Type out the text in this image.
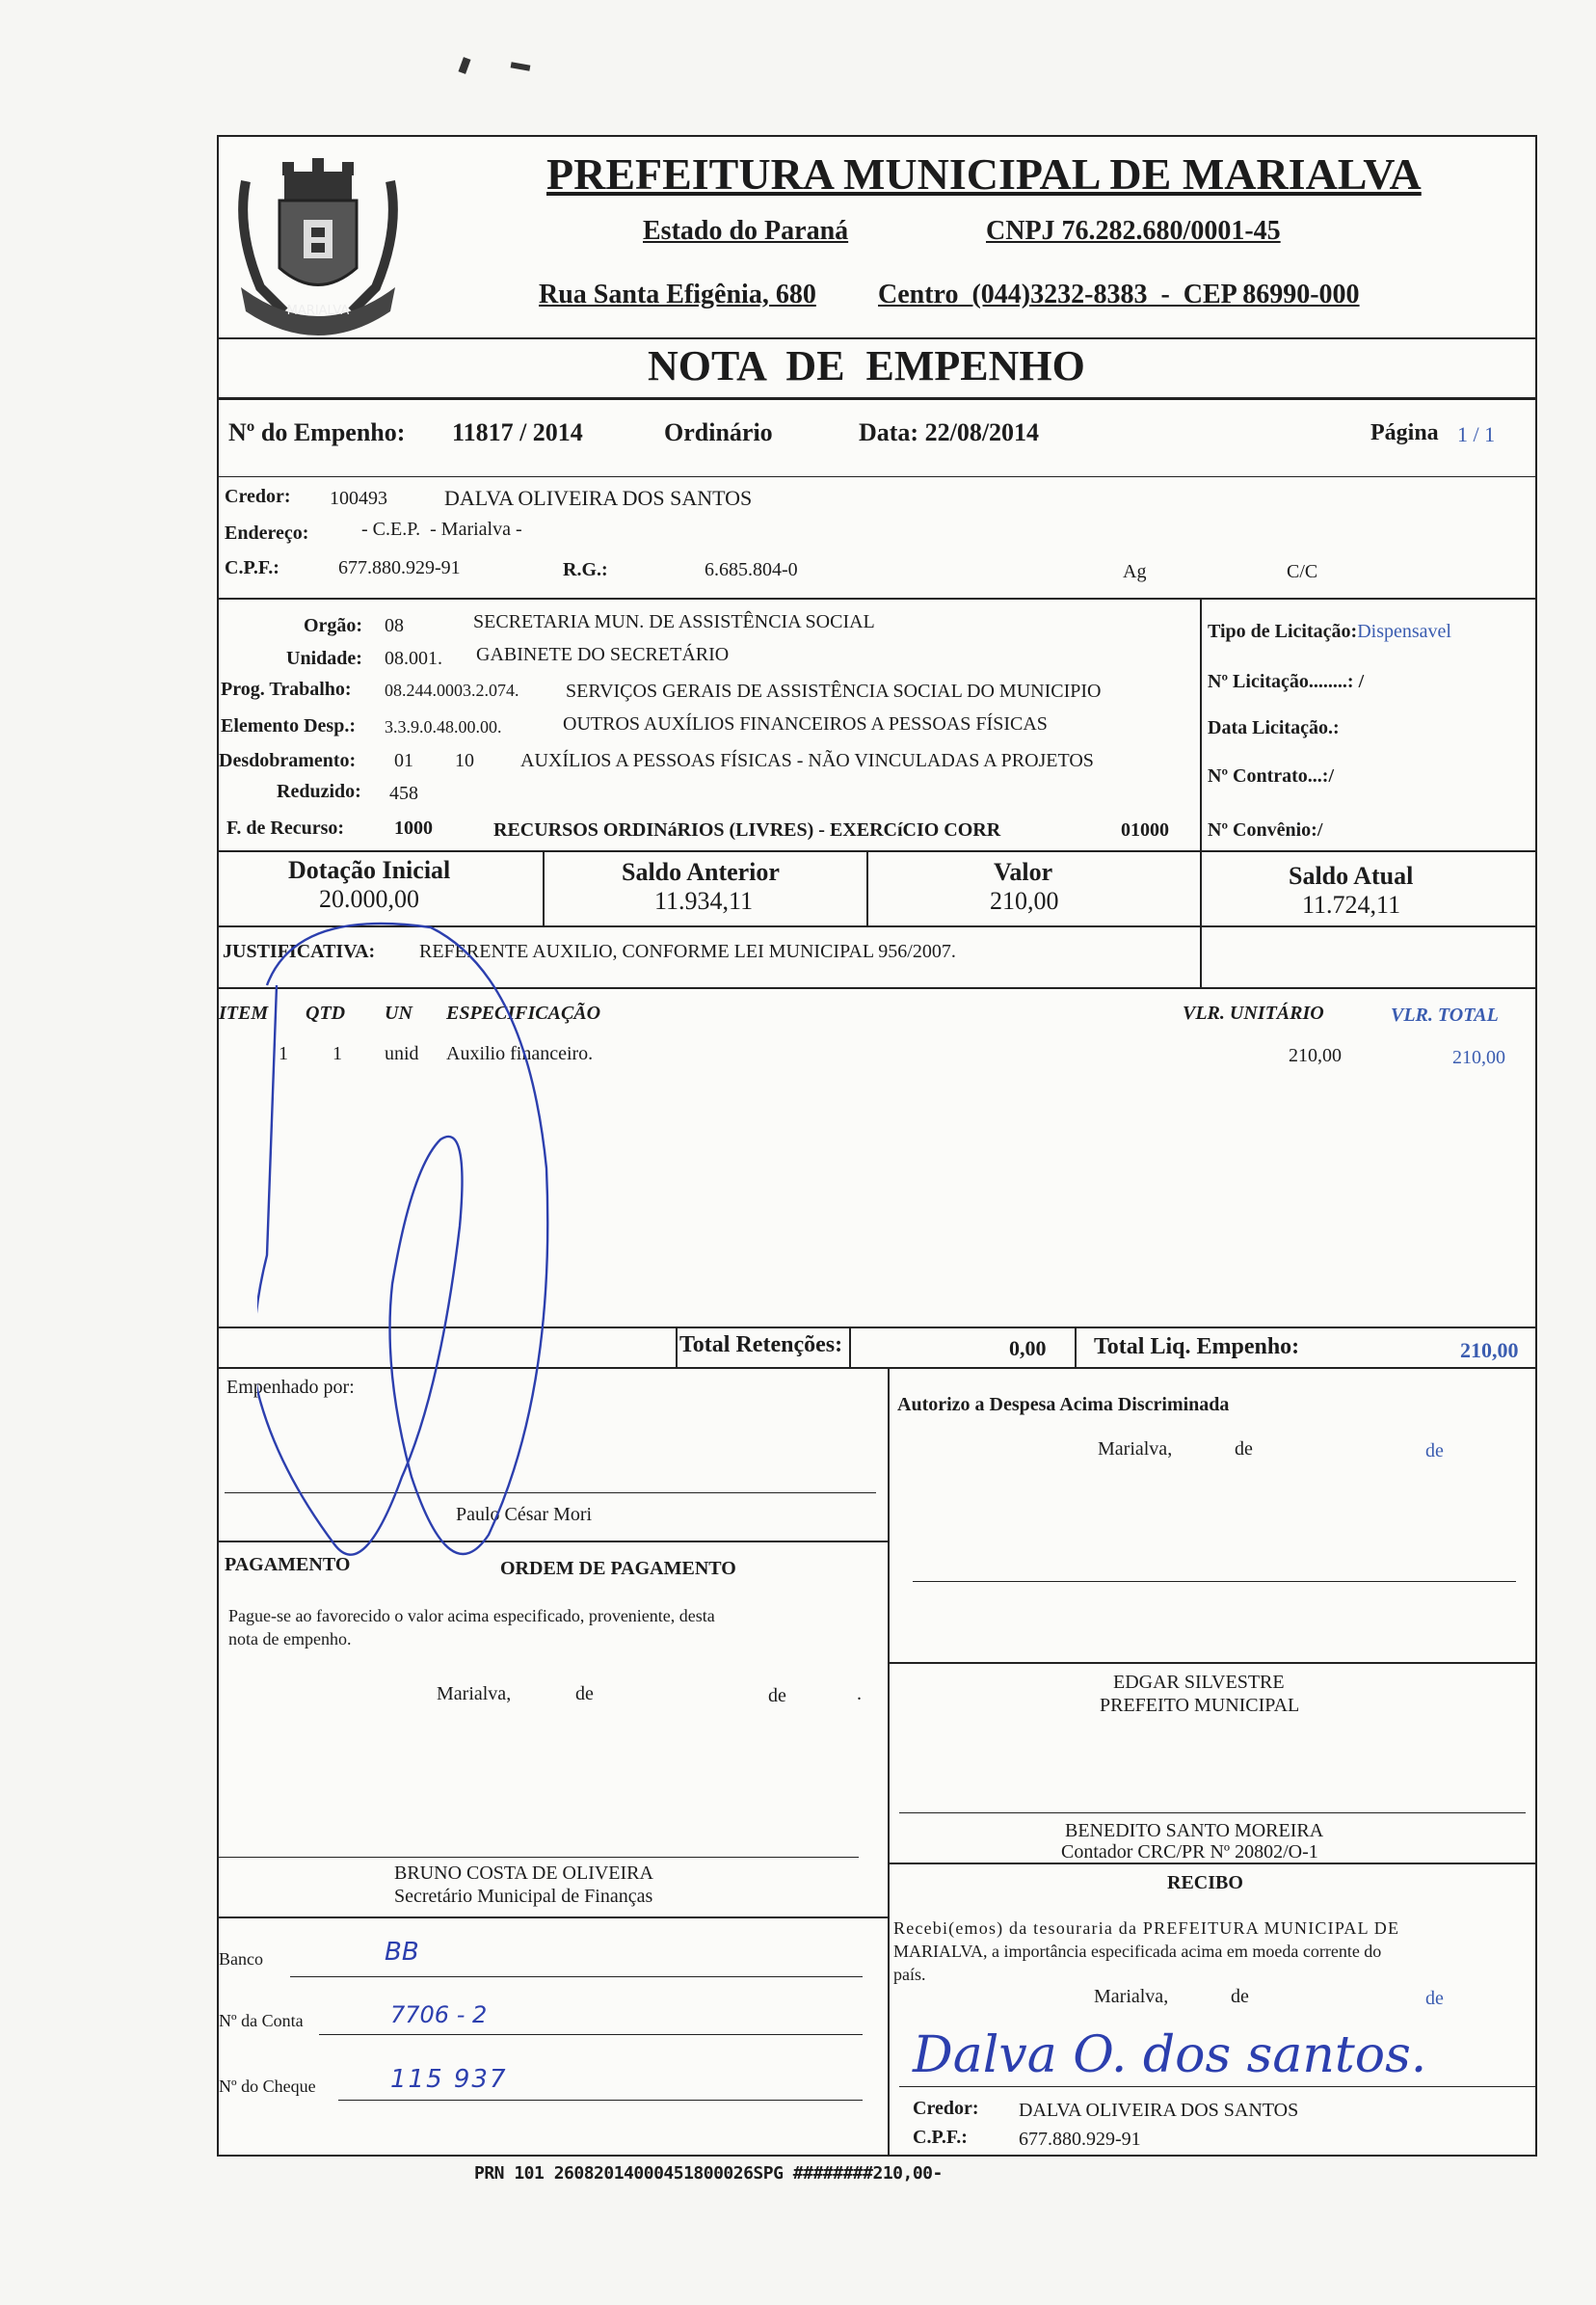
MARIALVA
PREFEITURA MUNICIPAL DE MARIALVA
Estado do Paraná	CNPJ 76.282.680/0001-45
Rua Santa Efigênia, 680 Centro  (044)3232-8383  -  CEP 86990-000
NOTA  DE  EMPENHO
Nº do Empenho: 11817 / 2014	Ordinário	Data: 22/08/2014	Página 1 / 1
Credor: 100493	DALVA OLIVEIRA DOS SANTOS
Endereço:	- C.E.P.  - Marialva -
C.P.F.:	677.880.929-91	R.G.:	6.685.804-0	Ag	C/C
Orgão: 08	SECRETARIA MUN. DE ASSISTÊNCIA SOCIAL
Unidade: 08.001. GABINETE DO SECRETÁRIO
Prog. Trabalho: 08.244.0003.2.074. SERVIÇOS GERAIS DE ASSISTÊNCIA SOCIAL DO MUNICIPIO
Elemento Desp.: 3.3.9.0.48.00.00.	OUTROS AUXÍLIOS FINANCEIROS A PESSOAS FÍSICAS
Desdobramento: 01 10 AUXÍLIOS A PESSOAS FÍSICAS - NÃO VINCULADAS A PROJETOS
Reduzido: 458
F. de Recurso:	1000	RECURSOS ORDINáRIOS (LIVRES) - EXERCíCIO CORR	01000
Tipo de Licitação:Dispensavel
Nº Licitação........: /
Data Licitação.:
Nº Contrato...:/
Nº Convênio:/
Dotação Inicial
20.000,00
Saldo Anterior
11.934,11
Valor
210,00
Saldo Atual
11.724,11
JUSTIFICATIVA: REFERENTE AUXILIO, CONFORME LEI MUNICIPAL 956/2007.
ITEM QTD UN ESPECIFICAÇÃO	VLR. UNITÁRIO	VLR. TOTAL
1 1 unid Auxilio financeiro.	210,00	210,00
Total Retenções:	0,00 Total Liq. Empenho:	210,00
Empenhado por:
Paulo César Mori
Autorizo a Despesa Acima Discriminada
Marialva,	de	de
PAGAMENTO	ORDEM DE PAGAMENTO
Pague-se ao favorecido o valor acima especificado, proveniente, desta
nota de empenho.
Marialva,	de	de	.
EDGAR SILVESTRE
PREFEITO MUNICIPAL
BENEDITO SANTO MOREIRA
Contador CRC/PR Nº 20802/O-1
BRUNO COSTA DE OLIVEIRA
Secretário Municipal de Finanças
Banco	BB
Nº da Conta	7706 - 2
Nº do Cheque	115 937
RECIBO
Recebi(emos) da tesouraria da PREFEITURA MUNICIPAL DE
MARIALVA, a importância especificada acima em moeda corrente do
país.
Marialva,	de	de
Dalva O. dos santos.
Credor: DALVA OLIVEIRA DOS SANTOS
C.P.F.:	677.880.929-91
PRN 101 26082014000451800026SPG ########210,00-
